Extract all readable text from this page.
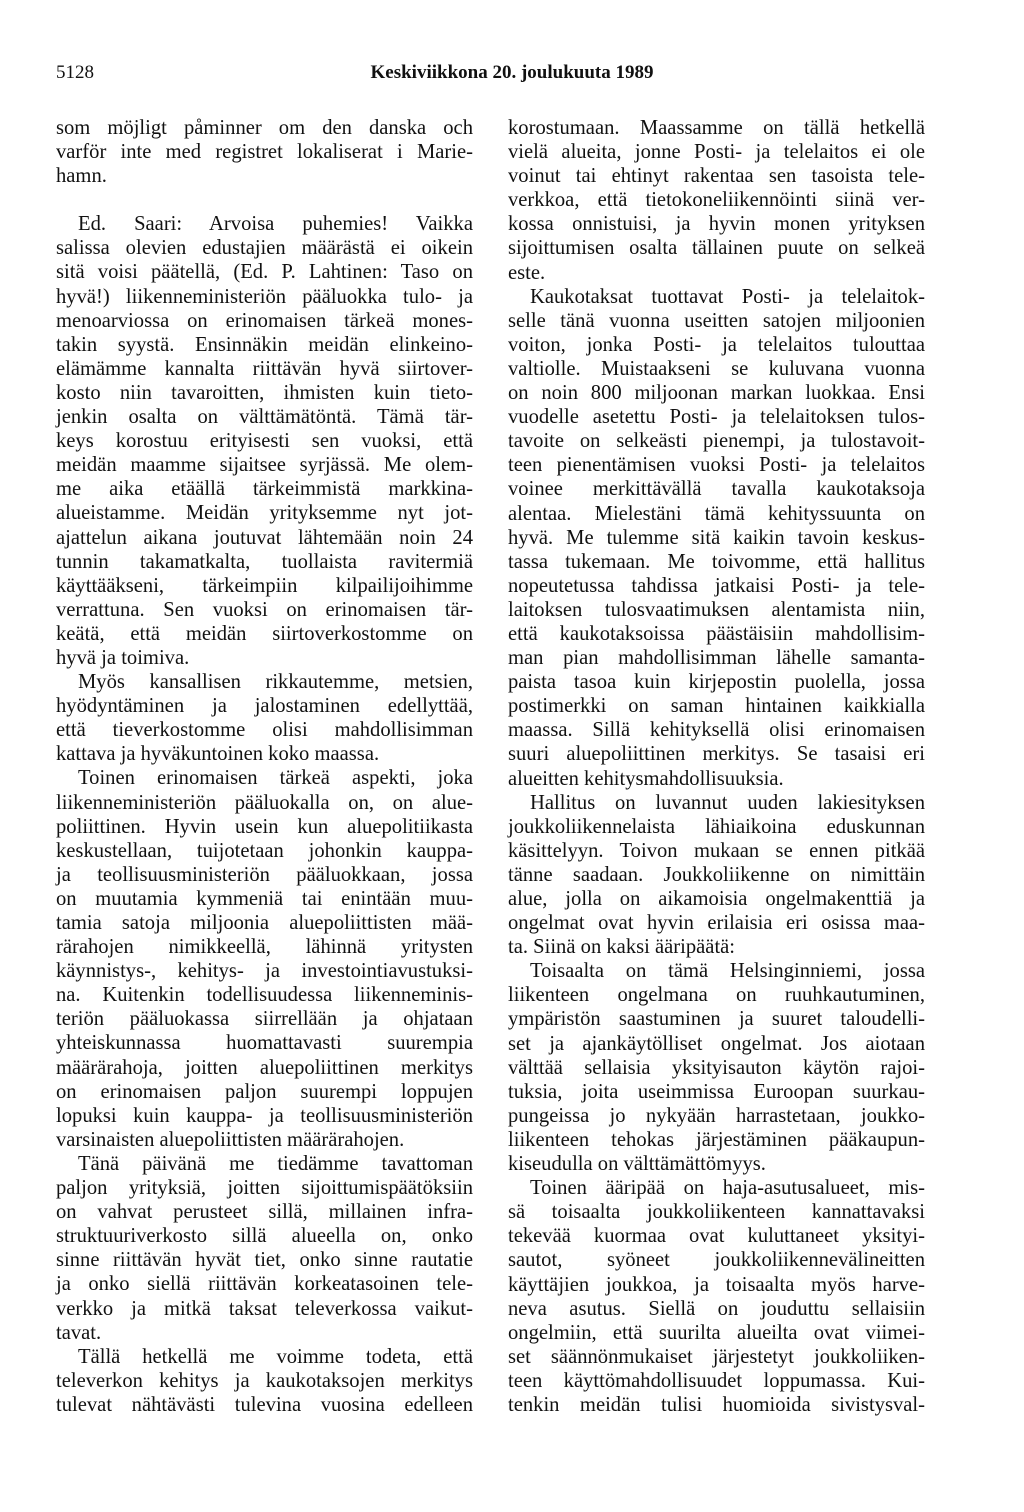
5128	Keskiviikkona 20. joulukuuta 1989
som möjligt påminner om den danska och
varför inte med registret lokaliserat i Marie-
hamn.
Ed. Saari: Arvoisa puhemies! Vaikka
salissa olevien edustajien määrästä ei oikein
sitä voisi päätellä, (Ed. P. Lahtinen: Taso on
hyvä!) liikenneministeriön pääluokka tulo- ja
menoarviossa on erinomaisen tärkeä mones-
takin syystä. Ensinnäkin meidän elinkeino-
elämämme kannalta riittävän hyvä siirtover-
kosto niin tavaroitten, ihmisten kuin tieto-
jenkin osalta on välttämätöntä. Tämä tär-
keys korostuu erityisesti sen vuoksi, että
meidän maamme sijaitsee syrjässä. Me olem-
me aika etäällä tärkeimmistä markkina-
alueistamme. Meidän yrityksemme nyt jot-
ajattelun aikana joutuvat lähtemään noin 24
tunnin takamatkalta, tuollaista ravitermiä
käyttääkseni, tärkeimpiin kilpailijoihimme
verrattuna. Sen vuoksi on erinomaisen tär-
keätä, että meidän siirtoverkostomme on
hyvä ja toimiva.
Myös kansallisen rikkautemme, metsien,
hyödyntäminen ja jalostaminen edellyttää,
että tieverkostomme olisi mahdollisimman
kattava ja hyväkuntoinen koko maassa.
Toinen erinomaisen tärkeä aspekti, joka
liikenneministeriön pääluokalla on, on alue-
poliittinen. Hyvin usein kun aluepolitiikasta
keskustellaan, tuijotetaan johonkin kauppa-
ja teollisuusministeriön pääluokkaan, jossa
on muutamia kymmeniä tai enintään muu-
tamia satoja miljoonia aluepoliittisten mää-
rärahojen nimikkeellä, lähinnä yritysten
käynnistys-, kehitys- ja investointiavustuksi-
na. Kuitenkin todellisuudessa liikenneminis-
teriön pääluokassa siirrellään ja ohjataan
yhteiskunnassa huomattavasti suurempia
määrärahoja, joitten aluepoliittinen merkitys
on erinomaisen paljon suurempi loppujen
lopuksi kuin kauppa- ja teollisuusministeriön
varsinaisten aluepoliittisten määrärahojen.
Tänä päivänä me tiedämme tavattoman
paljon yrityksiä, joitten sijoittumispäätöksiin
on vahvat perusteet sillä, millainen infra-
struktuuriverkosto sillä alueella on, onko
sinne riittävän hyvät tiet, onko sinne rautatie
ja onko siellä riittävän korkeatasoinen tele-
verkko ja mitkä taksat televerkossa vaikut-
tavat.
Tällä hetkellä me voimme todeta, että
televerkon kehitys ja kaukotaksojen merkitys
tulevat nähtävästi tulevina vuosina edelleen
korostumaan. Maassamme on tällä hetkellä
vielä alueita, jonne Posti- ja telelaitos ei ole
voinut tai ehtinyt rakentaa sen tasoista tele-
verkkoa, että tietokoneliikennöinti siinä ver-
kossa onnistuisi, ja hyvin monen yrityksen
sijoittumisen osalta tällainen puute on selkeä
este.
Kaukotaksat tuottavat Posti- ja telelaitok-
selle tänä vuonna useitten satojen miljoonien
voiton, jonka Posti- ja telelaitos tulouttaa
valtiolle. Muistaakseni se kuluvana vuonna
on noin 800 miljoonan markan luokkaa. Ensi
vuodelle asetettu Posti- ja telelaitoksen tulos-
tavoite on selkeästi pienempi, ja tulostavoit-
teen pienentämisen vuoksi Posti- ja telelaitos
voinee merkittävällä tavalla kaukotaksoja
alentaa. Mielestäni tämä kehityssuunta on
hyvä. Me tulemme sitä kaikin tavoin keskus-
tassa tukemaan. Me toivomme, että hallitus
nopeutetussa tahdissa jatkaisi Posti- ja tele-
laitoksen tulosvaatimuksen alentamista niin,
että kaukotaksoissa päästäisiin mahdollisim-
man pian mahdollisimman lähelle samanta-
paista tasoa kuin kirjepostin puolella, jossa
postimerkki on saman hintainen kaikkialla
maassa. Sillä kehityksellä olisi erinomaisen
suuri aluepoliittinen merkitys. Se tasaisi eri
alueitten kehitysmahdollisuuksia.
Hallitus on luvannut uuden lakiesityksen
joukkoliikennelaista lähiaikoina eduskunnan
käsittelyyn. Toivon mukaan se ennen pitkää
tänne saadaan. Joukkoliikenne on nimittäin
alue, jolla on aikamoisia ongelmakenttiä ja
ongelmat ovat hyvin erilaisia eri osissa maa-
ta. Siinä on kaksi ääripäätä:
Toisaalta on tämä Helsinginniemi, jossa
liikenteen ongelmana on ruuhkautuminen,
ympäristön saastuminen ja suuret taloudelli-
set ja ajankäytölliset ongelmat. Jos aiotaan
välttää sellaisia yksityisauton käytön rajoi-
tuksia, joita useimmissa Euroopan suurkau-
pungeissa jo nykyään harrastetaan, joukko-
liikenteen tehokas järjestäminen pääkaupun-
kiseudulla on välttämättömyys.
Toinen ääripää on haja-asutusalueet, mis-
sä toisaalta joukkoliikenteen kannattavaksi
tekevää kuormaa ovat kuluttaneet yksityi-
sautot, syöneet joukkoliikennevälineitten
käyttäjien joukkoa, ja toisaalta myös harve-
neva asutus. Siellä on jouduttu sellaisiin
ongelmiin, että suurilta alueilta ovat viimei-
set säännönmukaiset järjestetyt joukkoliiken-
teen käyttömahdollisuudet loppumassa. Kui-
tenkin meidän tulisi huomioida sivistysval-
